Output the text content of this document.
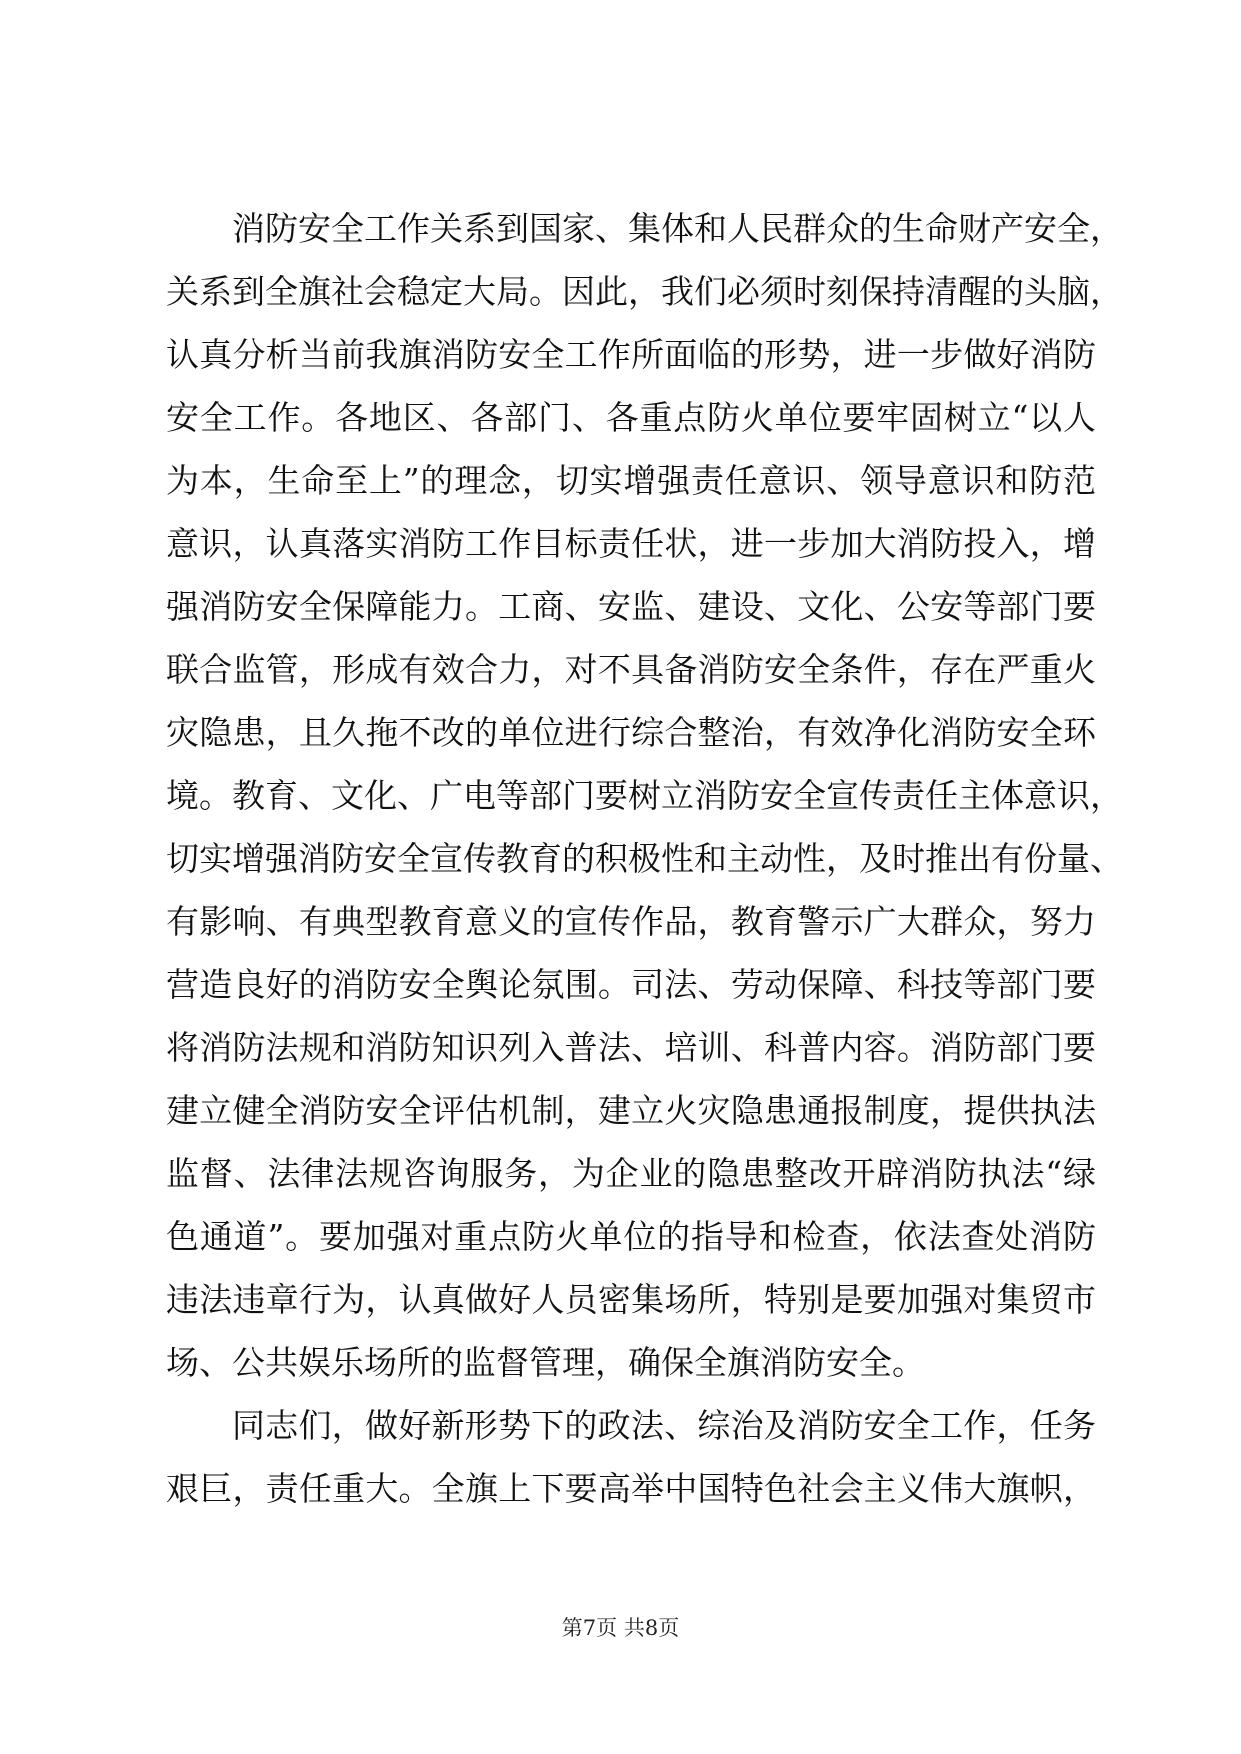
消防安全工作关系到国家、集体和人民群众的生命财产安全，
关系到全旗社会稳定大局。因此，我们必须时刻保持清醒的头脑，
认真分析当前我旗消防安全工作所面临的形势，进一步做好消防
安全工作。各地区、各部门、各重点防火单位要牢固树立“以人
为本，生命至上”的理念，切实增强责任意识、领导意识和防范
意识，认真落实消防工作目标责任状，进一步加大消防投入，增
强消防安全保障能力。工商、安监、建设、文化、公安等部门要
联合监管，形成有效合力，对不具备消防安全条件，存在严重火
灾隐患，且久拖不改的单位进行综合整治，有效净化消防安全环
境。教育、文化、广电等部门要树立消防安全宣传责任主体意识，
切实增强消防安全宣传教育的积极性和主动性，及时推出有份量、
有影响、有典型教育意义的宣传作品，教育警示广大群众，努力
营造良好的消防安全舆论氛围。司法、劳动保障、科技等部门要
将消防法规和消防知识列入普法、培训、科普内容。消防部门要
建立健全消防安全评估机制，建立火灾隐患通报制度，提供执法
监督、法律法规咨询服务，为企业的隐患整改开辟消防执法“绿
色通道”。要加强对重点防火单位的指导和检查，依法查处消防
违法违章行为，认真做好人员密集场所，特别是要加强对集贸市
场、公共娱乐场所的监督管理，确保全旗消防安全。
同志们，做好新形势下的政法、综治及消防安全工作，任务
艰巨，责任重大。全旗上下要高举中国特色社会主义伟大旗帜，
第7页 共8页
